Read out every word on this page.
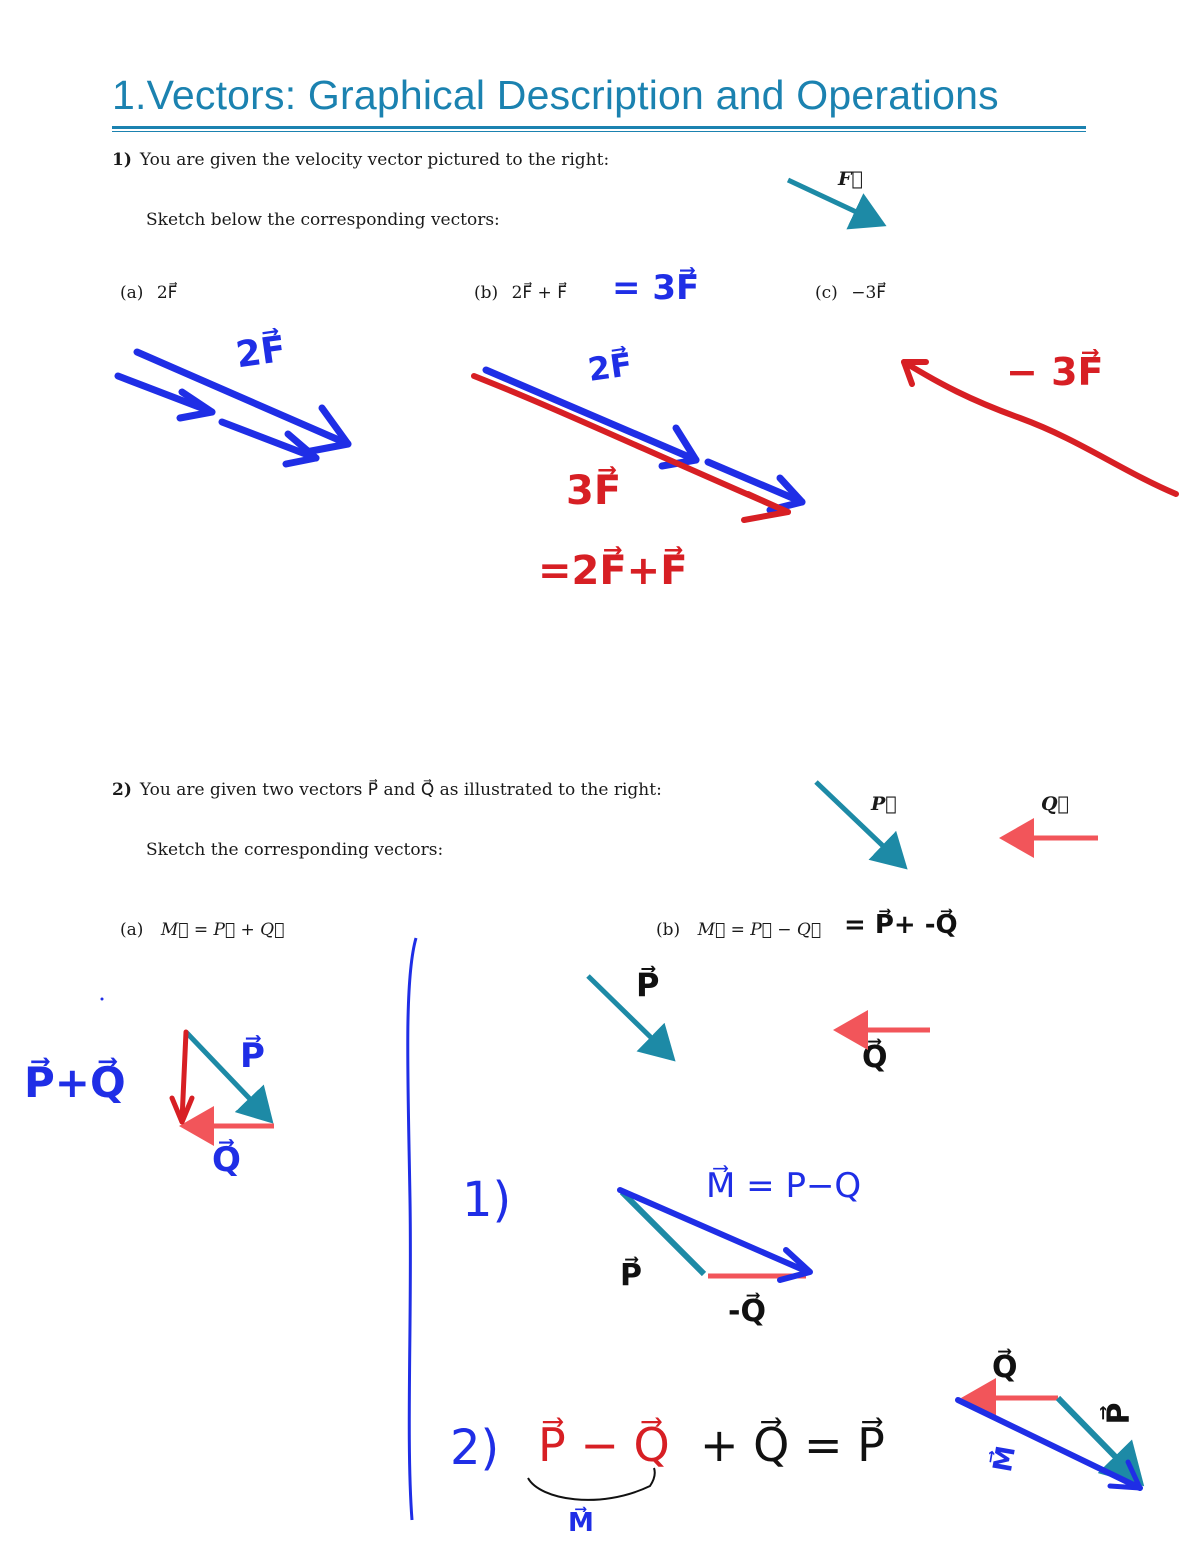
1.Vectors: Graphical Description and Operations
1) You are given the velocity vector pictured to the right:
Sketch below the corresponding vectors:
F⃗
(a) 2F⃗	(b) 2F⃗ + F⃗	(c) −3F⃗
= 3F⃗
2F⃗	2F⃗
3F⃗
=2F⃗+F⃗
− 3F⃗
2) You are given two vectors P⃗ and Q⃗ as illustrated to the right:
Sketch the corresponding vectors:
P⃗	Q⃗
(a) M⃗ = P⃗ + Q⃗	(b) M⃗ = P⃗ − Q⃗ = P⃗+ -Q⃗
P⃗+Q⃗
P⃗
Q⃗
P⃗
Q⃗
1)	M⃗ = P−Q
P⃗
-Q⃗
2) P⃗ − Q⃗ + Q⃗ = P⃗
M⃗
Q⃗
P⃗
M⃗
